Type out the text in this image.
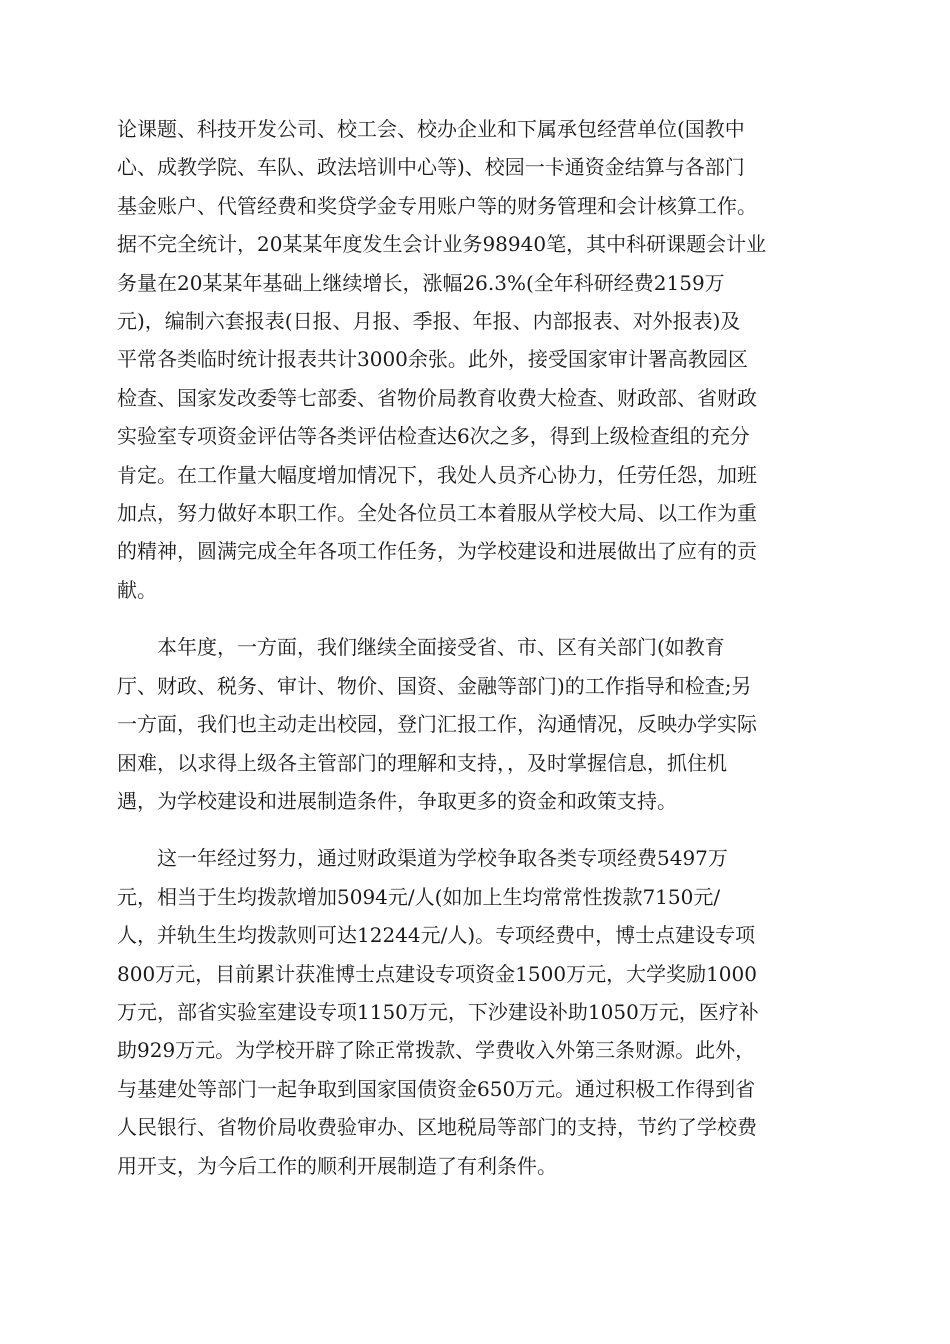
论课题、科技开发公司、校工会、校办企业和下属承包经营单位(国教中
心、成教学院、车队、政法培训中心等)、校园一卡通资金结算与各部门
基金账户、代管经费和奖贷学金专用账户等的财务管理和会计核算工作。
据不完全统计，20某某年度发生会计业务98940笔，其中科研课题会计业
务量在20某某年基础上继续增长，涨幅26.3%(全年科研经费2159万
元)，编制六套报表(日报、月报、季报、年报、内部报表、对外报表)及
平常各类临时统计报表共计3000余张。此外，接受国家审计署高教园区
检查、国家发改委等七部委、省物价局教育收费大检查、财政部、省财政
实验室专项资金评估等各类评估检查达6次之多，得到上级检查组的充分
肯定。在工作量大幅度增加情况下，我处人员齐心协力，任劳任怨，加班
加点，努力做好本职工作。全处各位员工本着服从学校大局、以工作为重
的精神，圆满完成全年各项工作任务，为学校建设和进展做出了应有的贡
献。

本年度，一方面，我们继续全面接受省、市、区有关部门(如教育
厅、财政、税务、审计、物价、国资、金融等部门)的工作指导和检查;另
一方面，我们也主动走出校园，登门汇报工作，沟通情况，反映办学实际
困难，以求得上级各主管部门的理解和支持，，及时掌握信息，抓住机
遇，为学校建设和进展制造条件，争取更多的资金和政策支持。

这一年经过努力，通过财政渠道为学校争取各类专项经费5497万
元，相当于生均拨款增加5094元/人(如加上生均常常性拨款7150元/
人，并轨生生均拨款则可达12244元/人)。专项经费中，博士点建设专项
800万元，目前累计获准博士点建设专项资金1500万元，大学奖励1000
万元，部省实验室建设专项1150万元，下沙建设补助1050万元，医疗补
助929万元。为学校开辟了除正常拨款、学费收入外第三条财源。此外，
与基建处等部门一起争取到国家国债资金650万元。通过积极工作得到省
人民银行、省物价局收费验审办、区地税局等部门的支持，节约了学校费
用开支，为今后工作的顺利开展制造了有利条件。
